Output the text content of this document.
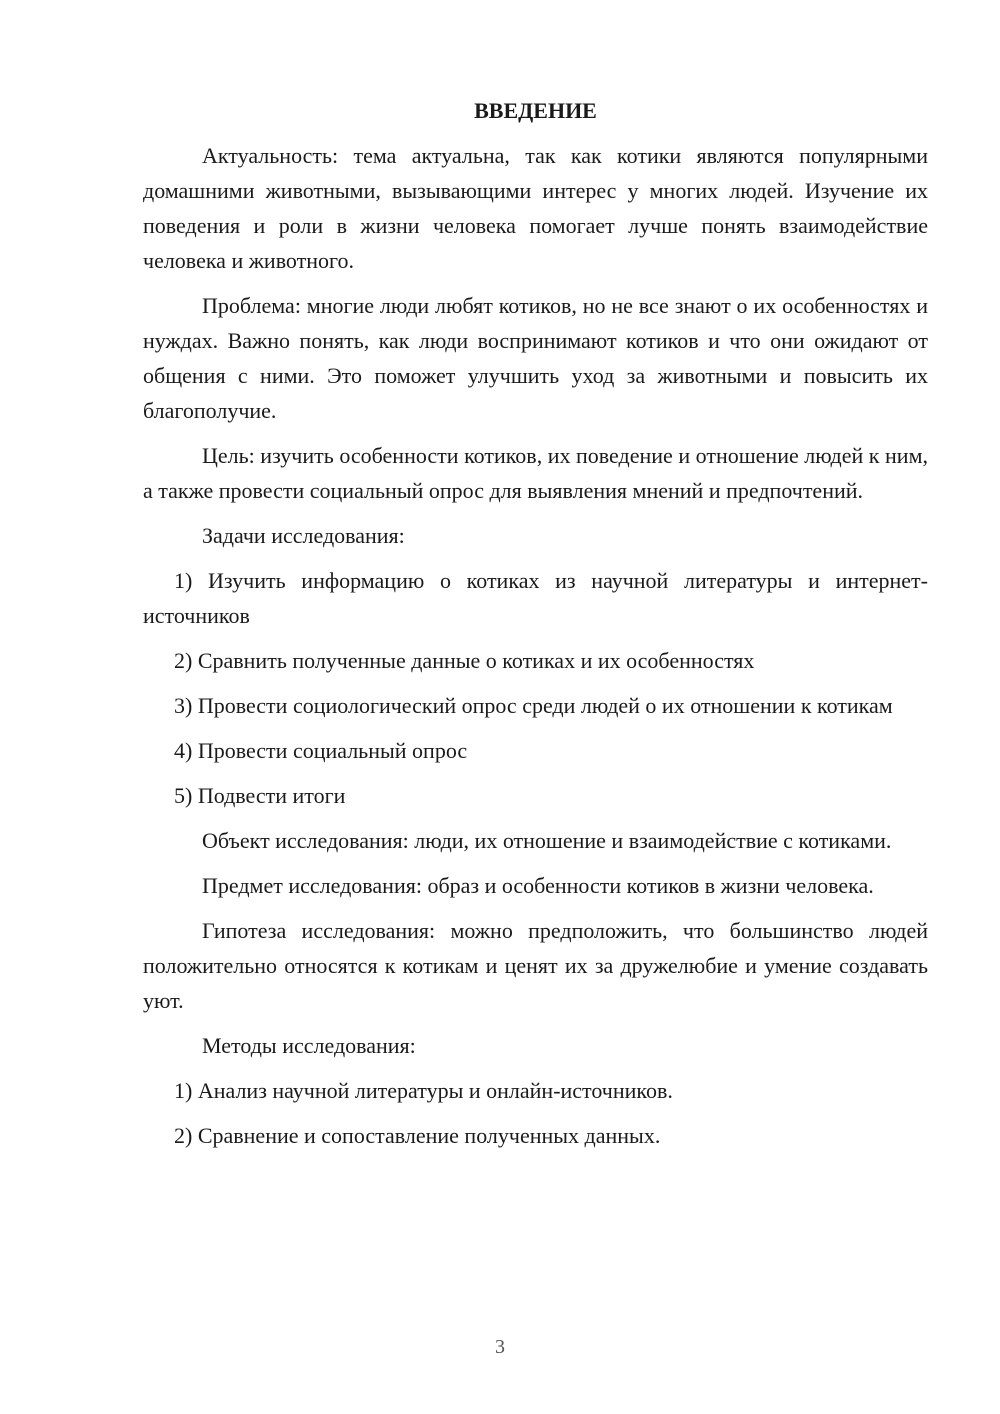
ВВЕДЕНИЕ

Актуальность: тема актуальна, так как котики являются популярными домашними животными, вызывающими интерес у многих людей. Изучение их поведения и роли в жизни человека помогает лучше понять взаимодействие человека и животного.

Проблема: многие люди любят котиков, но не все знают о их особенностях и нуждах. Важно понять, как люди воспринимают котиков и что они ожидают от общения с ними. Это поможет улучшить уход за животными и повысить их благополучие.

Цель: изучить особенности котиков, их поведение и отношение людей к ним, а также провести социальный опрос для выявления мнений и предпочтений.

Задачи исследования:

1) Изучить информацию о котиках из научной литературы и интернет-источников

2) Сравнить полученные данные о котиках и их особенностях

3) Провести социологический опрос среди людей о их отношении к котикам

4) Провести социальный опрос

5) Подвести итоги

Объект исследования: люди, их отношение и взаимодействие с котиками.

Предмет исследования: образ и особенности котиков в жизни человека.

Гипотеза исследования: можно предположить, что большинство людей положительно относятся к котикам и ценят их за дружелюбие и умение создавать уют.

Методы исследования:

1) Анализ научной литературы и онлайн-источников.

2) Сравнение и сопоставление полученных данных.

3
